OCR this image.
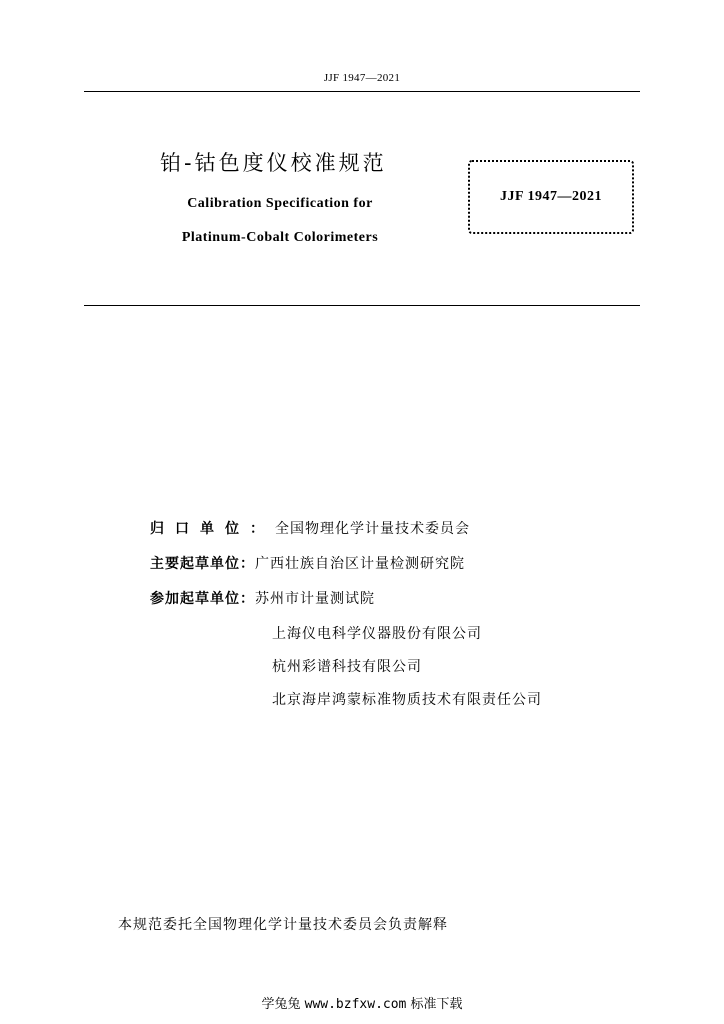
JJF 1947—2021
铂-钴色度仪校准规范
Calibration Specification for
Platinum-Cobalt Colorimeters
JJF 1947—2021
归口单位：全国物理化学计量技术委员会
主要起草单位：广西壮族自治区计量检测研究院
参加起草单位：苏州市计量测试院
上海仪电科学仪器股份有限公司
杭州彩谱科技有限公司
北京海岸鸿蒙标准物质技术有限责任公司
本规范委托全国物理化学计量技术委员会负责解释
学兔兔 www.bzfxw.com 标准下载
